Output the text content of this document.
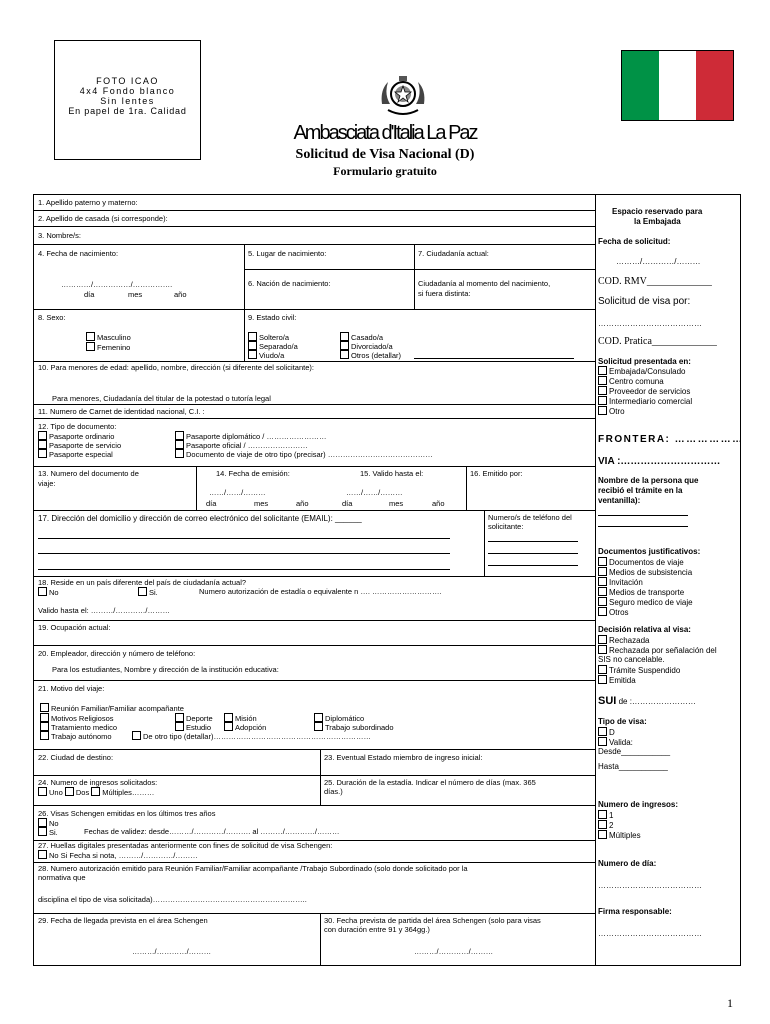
FOTO ICAO
4x4 Fondo blanco
Sin lentes
En papel de 1ra. Calidad
Ambasciata d'Italia La Paz
Solicitud de Visa Nacional (D)
Formulario gratuito
1. Apellido paterno y materno:
2. Apellido de casada (si corresponde):
3. Nombre/s:
4. Fecha de nacimiento:
…………/……………/…………….
día	mes	año
5. Lugar de nacimiento:
6. Nación de nacimiento:
7. Ciudadanía actual:
Ciudadanía al momento del nacimiento,
si fuera distinta:
8. Sexo:
Masculino
Femenino
9. Estado civil:
Soltero/a
Separado/a
Viudo/a
Casado/a
Divorciado/a
Otros (detallar)
10. Para menores de edad: apellido, nombre, dirección (si diferente del solicitante):
Para menores, Ciudadanía del titular de la potestad o tutoría legal
11. Numero de Carnet de identidad nacional, C.I. :
12. Tipo de documento:
Pasaporte ordinario
Pasaporte de servicio
Pasaporte especial
Pasaporte diplomático / ……………………
Pasaporte oficial / ……………………
Documento de viaje de otro tipo (precisar) ……………………………………
13. Numero del documento de
viaje:
14. Fecha de emisión:	15. Valido hasta el:	16. Emitido por:
……/……/………
día	mes	año
……/……/………
día	mes	año
17. Dirección del domicilio y dirección de correo electrónico del solicitante (EMAIL): ______	Numero/s de teléfono del
solicitante:
18. Reside en un país diferente del país de ciudadanía actual?
No	Si.	Numero autorización de estadía o equivalente n …. ……………………….
Valido hasta el: ………/…………/………
19. Ocupación actual:
20. Empleador, dirección y número de teléfono:
Para los estudiantes, Nombre y dirección de la institución educativa:
21. Motivo del viaje:
Reunión Familiar/Familiar acompañante
Motivos Religiosos
Tratamiento medico
Trabajo autónomo
Deporte
Estudio
De otro tipo (detallar)………………………………………………………
Misión
Adopción
Diplomático
Trabajo subordinado
22. Ciudad de destino:	23. Eventual Estado miembro de ingreso inicial:
24. Numero de ingresos solicitados:
Uno Dos Múltiples………
25. Duración de la estadía. Indicar el número de días (max. 365
días.)
26. Visas Schengen emitidas en los últimos tres años
No
Si.	Fechas de validez: desde………/…………/………. al ………/…………/………
27. Huellas digitales presentadas anteriormente con fines de solicitud de visa Schengen:
No Si Fecha si nota, ………/…………/………
28. Numero autorización emitido para Reunión Familiar/Familiar acompañante /Trabajo Subordinado (solo donde solicitado por la
normativa que
disciplina el tipo de visa solicitada)……………………………………………………..
29. Fecha de llegada prevista en el área Schengen
………/…………/………
30. Fecha prevista de partida del área Schengen (solo para visas
con duración entre 91 y 364gg.)
………/…………/………
Espacio reservado para
la Embajada
Fecha de solicitud:
………/…………/………
COD. RMV_____________
Solicitud de visa por:
…………………………………
COD. Pratica_____________
Solicitud presentada en:
Embajada/Consulado
Centro comuna
Proveedor de servicios
Intermediario comercial
Otro
FRONTERA: ………………
VIA :…………………………
Nombre de la persona que
recibió el trámite en la
ventanilla):
Documentos justificativos:
Documentos de viaje
Medios de subsistencia
Invitación
Medios de transporte
Seguro medico de viaje
Otros
Decisión relativa al visa:
Rechazada
Rechazada por señalación del
SIS no cancelable.
Trámite Suspendido
Emitida
SUI de :……………………
Tipo de visa:
D
Valida:
Desde___________
Hasta___________
Numero de ingresos:
1
2
Múltiples
Numero de día:
…………………………………
Firma responsable:
…………………………………
1
